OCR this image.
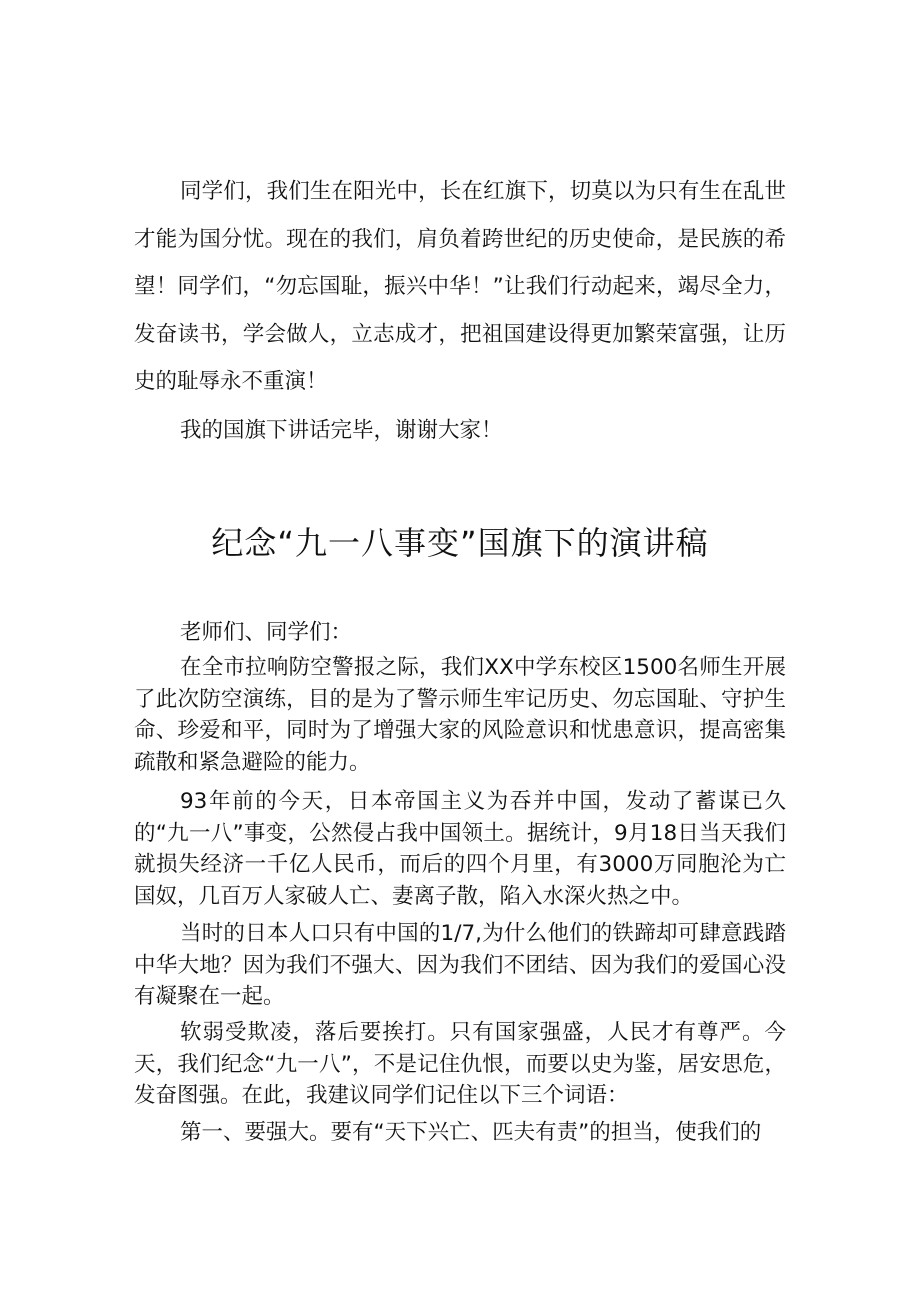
同学们，我们生在阳光中，长在红旗下，切莫以为只有生在乱世才能为国分忧。现在的我们，肩负着跨世纪的历史使命，是民族的希望！同学们，“勿忘国耻，振兴中华！”让我们行动起来，竭尽全力，发奋读书，学会做人，立志成才，把祖国建设得更加繁荣富强，让历史的耻辱永不重演！

我的国旗下讲话完毕，谢谢大家！

纪念“九一八事变”国旗下的演讲稿

老师们、同学们：

在全市拉响防空警报之际，我们XX中学东校区1500名师生开展了此次防空演练，目的是为了警示师生牢记历史、勿忘国耻、守护生命、珍爱和平，同时为了增强大家的风险意识和忧患意识，提高密集疏散和紧急避险的能力。

93年前的今天，日本帝国主义为吞并中国，发动了蓄谋已久的“九一八”事变，公然侵占我中国领土。据统计，9月18日当天我们就损失经济一千亿人民币，而后的四个月里，有3000万同胞沦为亡国奴，几百万人家破人亡、妻离子散，陷入水深火热之中。

当时的日本人口只有中国的1/7,为什么他们的铁蹄却可肆意践踏中华大地？因为我们不强大、因为我们不团结、因为我们的爱国心没有凝聚在一起。

软弱受欺凌，落后要挨打。只有国家强盛，人民才有尊严。今天，我们纪念“九一八”，不是记住仇恨，而要以史为鉴，居安思危，发奋图强。在此，我建议同学们记住以下三个词语：

第一、要强大。要有“天下兴亡、匹夫有责”的担当，使我们的
